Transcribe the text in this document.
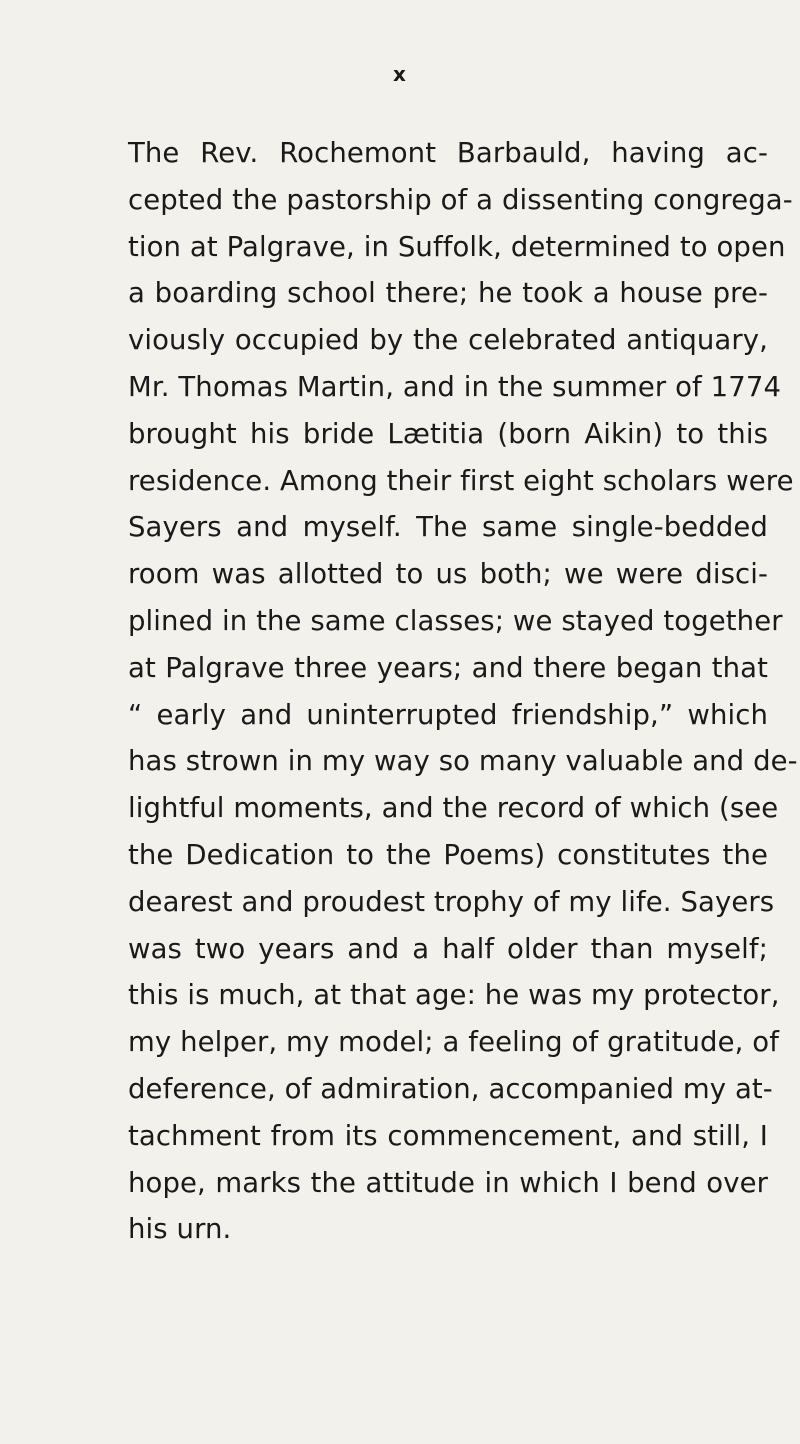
x
The Rev. Rochemont Barbauld, having ac-
cepted the pastorship of a dissenting congrega-
tion at Palgrave, in Suffolk, determined to open
a boarding school there; he took a house pre-
viously occupied by the celebrated antiquary,
Mr. Thomas Martin, and in the summer of 1774
brought his bride Lætitia (born Aikin) to this
residence. Among their first eight scholars were
Sayers and myself. The same single-bedded
room was allotted to us both; we were disci-
plined in the same classes; we stayed together
at Palgrave three years; and there began that
“ early and uninterrupted friendship,” which
has strown in my way so many valuable and de-
lightful moments, and the record of which (see
the Dedication to the Poems) constitutes the
dearest and proudest trophy of my life. Sayers
was two years and a half older than myself;
this is much, at that age: he was my protector,
my helper, my model; a feeling of gratitude, of
deference, of admiration, accompanied my at-
tachment from its commencement, and still, I
hope, marks the attitude in which I bend over
his urn.
